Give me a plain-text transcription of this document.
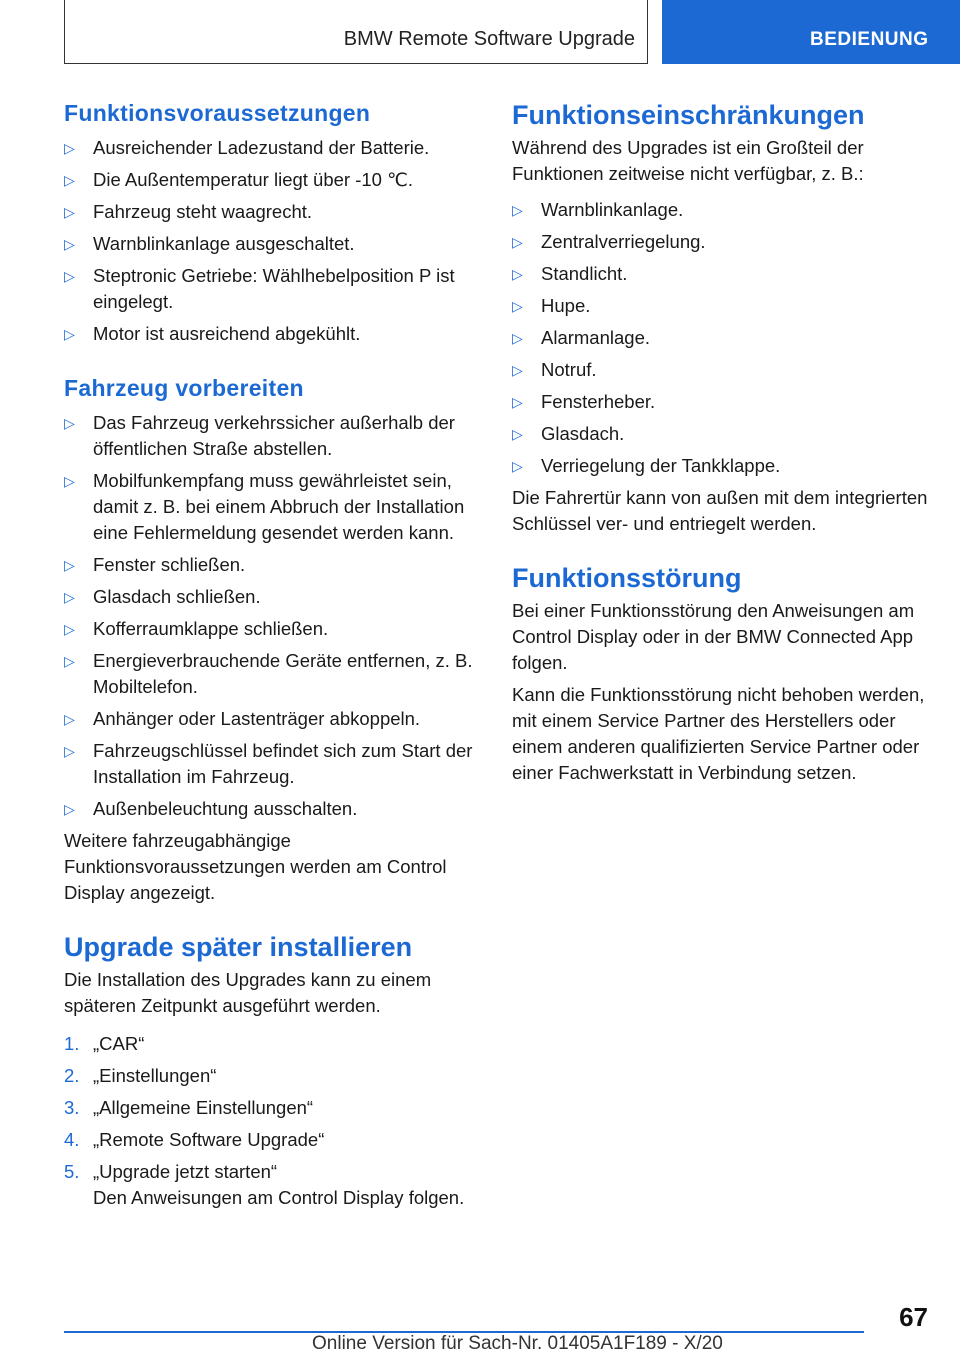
BMW Remote Software Upgrade	BEDIENUNG
Funktionsvoraussetzungen
▷ Ausreichender Ladezustand der Batterie.
▷ Die Außentemperatur liegt über -10 ℃.
▷ Fahrzeug steht waagrecht.
▷ Warnblinkanlage ausgeschaltet.
▷ Steptronic Getriebe: Wählhebelposition P ist eingelegt.
▷ Motor ist ausreichend abgekühlt.
Fahrzeug vorbereiten
▷ Das Fahrzeug verkehrssicher außerhalb der öffentlichen Straße abstellen.
▷ Mobilfunkempfang muss gewährleistet sein, damit z. B. bei einem Abbruch der Installation eine Fehlermeldung gesendet werden kann.
▷ Fenster schließen.
▷ Glasdach schließen.
▷ Kofferraumklappe schließen.
▷ Energieverbrauchende Geräte entfernen, z. B. Mobiltelefon.
▷ Anhänger oder Lastenträger abkoppeln.
▷ Fahrzeugschlüssel befindet sich zum Start der Installation im Fahrzeug.
▷ Außenbeleuchtung ausschalten.

Weitere fahrzeugabhängige Funktionsvoraussetzungen werden am Control Display angezeigt.

Upgrade später installieren

Die Installation des Upgrades kann zu einem späteren Zeitpunkt ausgeführt werden.

1. „CAR“
2. „Einstellungen“
3. „Allgemeine Einstellungen“
4. „Remote Software Upgrade“
5. „Upgrade jetzt starten“

Den Anweisungen am Control Display folgen.

Funktionseinschränkungen

Während des Upgrades ist ein Großteil der Funktionen zeitweise nicht verfügbar, z. B.:

▷ Warnblinkanlage.
▷ Zentralverriegelung.
▷ Standlicht.
▷ Hupe.
▷ Alarmanlage.
▷ Notruf.
▷ Fensterheber.
▷ Glasdach.
▷ Verriegelung der Tankklappe.

Die Fahrertür kann von außen mit dem integrierten Schlüssel ver- und entriegelt werden.

Funktionsstörung

Bei einer Funktionsstörung den Anweisungen am Control Display oder in der BMW Connected App folgen.

Kann die Funktionsstörung nicht behoben werden, mit einem Service Partner des Herstellers oder einem anderen qualifizierten Service Partner oder einer Fachwerkstatt in Verbindung setzen.

67
Online Version für Sach-Nr. 01405A1F189 - X/20
